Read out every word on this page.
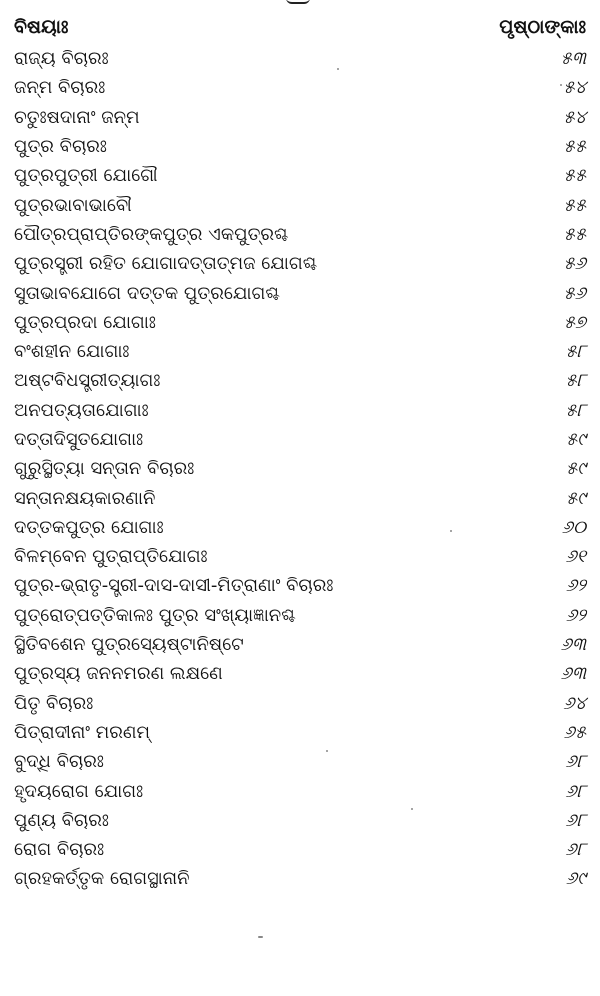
ବିଷୟାଃ	ପୃଷ୍ଠାଙ୍କାଃ
ରାଜ୍ୟ ବିଚାରଃ	୫୩
ଜନ୍ମ ବିଚାରଃ	୫୪
ଚତୁଃଷଦାନାଂ ଜନ୍ମ	୫୪
ପୁତ୍ର ବିଚାରଃ	୫୫
ପୁତ୍ରପୁତ୍ରୀ ଯୋଗୌ	୫୫
ପୁତ୍ରଭାବାଭାବୌ	୫୫
ପୌତ୍ରପ୍ରାପ୍ତିରଙ୍କପୁତ୍ର ଏକପୁତ୍ରଶ୍ଚ	୫୫
ପୁତ୍ରସ୍ତ୍ରୀ ରହିତ ଯୋଗାଦତ୍ତାତ୍ମଜ ଯୋଗଶ୍ଚ	୫୬
ସୁତାଭାବଯୋଗେ ଦତ୍ତକ ପୁତ୍ରଯୋଗଶ୍ଚ	୫୬
ପୁତ୍ରପ୍ରଦା ଯୋଗାଃ	୫୭
ବଂଶହୀନ ଯୋଗାଃ	୫୮
ଅଷ୍ଟବିଧସ୍ତ୍ରୀତ୍ୟାଗଃ	୫୮
ଅନପତ୍ୟତାଯୋଗାଃ	୫୮
ଦତ୍ତାଦିସୁତଯୋଗାଃ	୫୯
ଗୁରୁସ୍ଥିତ୍ୟା ସନ୍ତାନ ବିଚାରଃ	୫୯
ସନ୍ତାନକ୍ଷୟକାରଣାନି	୫୯
ଦତ୍ତକପୁତ୍ର ଯୋଗାଃ	୬୦
ବିଳମ୍ବେନ ପୁତ୍ରାପ୍ତିଯୋଗଃ	୬୧
ପୁତ୍ର-ଭ୍ରାତୃ-ସ୍ତ୍ରୀ-ଦାସ-ଦାସୀ-ମିତ୍ରାଣାଂ ବିଚାରଃ	୬୨
ପୁତ୍ରୋତ୍ପତ୍ତିକାଳଃ ପୁତ୍ର ସଂଖ୍ୟାଜ୍ଞାନଶ୍ଚ	୬୨
ସ୍ଥିତିବଶେନ ପୁତ୍ରସ୍ୟେଷ୍ଟାନିଷ୍ଟେ	୬୩
ପୁତ୍ରସ୍ୟ ଜନନମରଣ ଲକ୍ଷଣେ	୬୩
ପିତୃ ବିଚାରଃ	୬୪
ପିତ୍ରାଦୀନାଂ ମରଣମ୍	୬୫
ବୁଦ୍ଧି ବିଚାରଃ	୬୮
ହୃଦୟରୋଗ ଯୋଗଃ	୬୮
ପୁଣ୍ୟ ବିଚାରଃ	୬୮
ରୋଗ ବିଚାରଃ	୬୮
ଗ୍ରହକର୍ତ୍ତୃକ ରୋଗସ୍ଥାନାନି	୬୯
